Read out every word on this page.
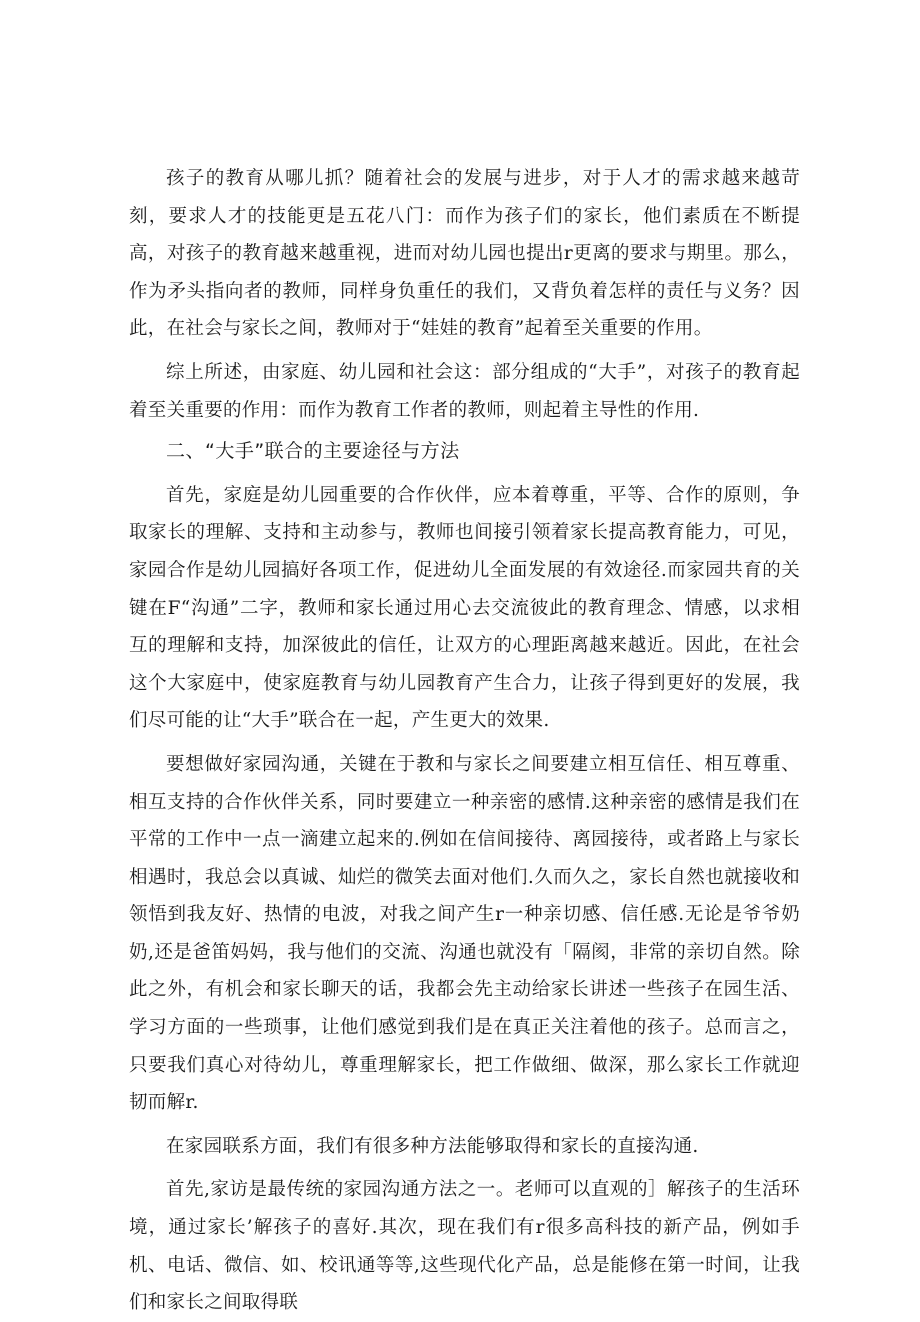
孩子的教育从哪儿抓？随着社会的发展与进步，对于人才的需求越来越苛刻，要求人才的技能更是五花八门：而作为孩子们的家长，他们素质在不断提高，对孩子的教育越来越重视，进而对幼儿园也提出r更离的要求与期里。那么，作为矛头指向者的教师，同样身负重任的我们，又背负着怎样的责任与义务？因此，在社会与家长之间，教师对于“娃娃的教育”起着至关重要的作用。

综上所述，由家庭、幼儿园和社会这：部分组成的“大手”，对孩子的教育起着至关重要的作用：而作为教育工作者的教师，则起着主导性的作用.

二、“大手”联合的主要途径与方法

首先，家庭是幼儿园重要的合作伙伴，应本着尊重，平等、合作的原则，争取家长的理解、支持和主动参与，教师也间接引领着家长提高教育能力，可见，家园合作是幼儿园搞好各项工作，促进幼儿全面发展的有效途径.而家园共育的关键在F“沟通”二字，教师和家长通过用心去交流彼此的教育理念、情感，以求相互的理解和支持，加深彼此的信任，让双方的心理距离越来越近。因此，在社会这个大家庭中，使家庭教育与幼儿园教育产生合力，让孩子得到更好的发展，我们尽可能的让“大手”联合在一起，产生更大的效果.

要想做好家园沟通，关键在于教和与家长之间要建立相互信任、相互尊重、相互支持的合作伙伴关系，同时要建立一种亲密的感情.这种亲密的感情是我们在平常的工作中一点一滴建立起来的.例如在信间接待、离园接待，或者路上与家长相遇时，我总会以真诚、灿烂的微笑去面对他们.久而久之，家长自然也就接收和领悟到我友好、热情的电波，对我之间产生r一种亲切感、信任感.无论是爷爷奶奶,还是爸笛妈妈，我与他们的交流、沟通也就没有「隔阂，非常的亲切自然。除此之外，有机会和家长聊天的话，我都会先主动给家长讲述一些孩子在园生活、学习方面的一些琐事，让他们感觉到我们是在真正关注着他的孩子。总而言之，只要我们真心对待幼儿，尊重理解家长，把工作做细、做深，那么家长工作就迎韧而解r.

在家园联系方面，我们有很多种方法能够取得和家长的直接沟通.

首先,家访是最传统的家园沟通方法之一。老师可以直观的］解孩子的生活环境，通过家长’解孩子的喜好.其次，现在我们有r很多高科技的新产品，例如手机、电话、微信、如、校讯通等等,这些现代化产品，总是能修在第一时间，让我们和家长之间取得联
